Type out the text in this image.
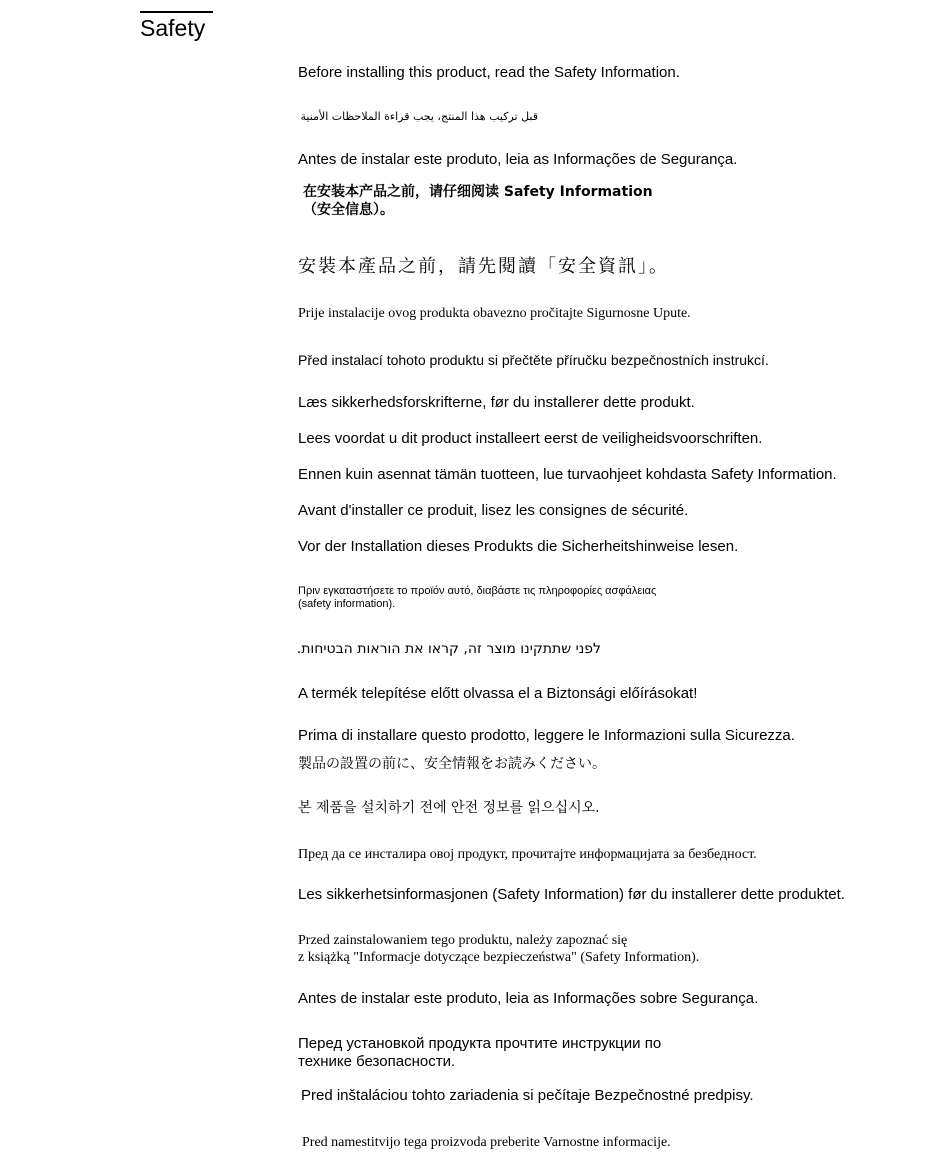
Safety
Before installing this product, read the Safety Information.
قبل تركيب هذا المنتج، يجب قراءة الملاحظات الأمنية
Antes de instalar este produto, leia as Informações de Segurança.
在安装本产品之前，请仔细阅读 Safety Information
（安全信息）。
安裝本產品之前，請先閱讀「安全資訊」。
Prije instalacije ovog produkta obavezno pročitajte Sigurnosne Upute.
Před instalací tohoto produktu si přečtěte příručku bezpečnostních instrukcí.
Læs sikkerhedsforskrifterne, før du installerer dette produkt.
Lees voordat u dit product installeert eerst de veiligheidsvoorschriften.
Ennen kuin asennat tämän tuotteen, lue turvaohjeet kohdasta Safety Information.
Avant d'installer ce produit, lisez les consignes de sécurité.
Vor der Installation dieses Produkts die Sicherheitshinweise lesen.
Πριν εγκαταστήσετε το προϊόν αυτό, διαβάστε τις πληροφορίες ασφάλειας
(safety information).
לפני שתתקינו מוצר זה, קראו את הוראות הבטיחות.
A termék telepítése előtt olvassa el a Biztonsági előírásokat!
Prima di installare questo prodotto, leggere le Informazioni sulla Sicurezza.
製品の設置の前に、安全情報をお読みください。
본 제품을 설치하기 전에 안전 정보를 읽으십시오.
Пред да се инсталира овој продукт, прочитајте информацијата за безбедност.
Les sikkerhetsinformasjonen (Safety Information) før du installerer dette produktet.
Przed zainstalowaniem tego produktu, należy zapoznać się
z książką "Informacje dotyczące bezpieczeństwa" (Safety Information).
Antes de instalar este produto, leia as Informações sobre Segurança.
Перед установкой продукта прочтите инструкции по
технике безопасности.
Pred inštaláciou tohto zariadenia si pečítaje Bezpečnostné predpisy.
Pred namestitvijo tega proizvoda preberite Varnostne informacije.
